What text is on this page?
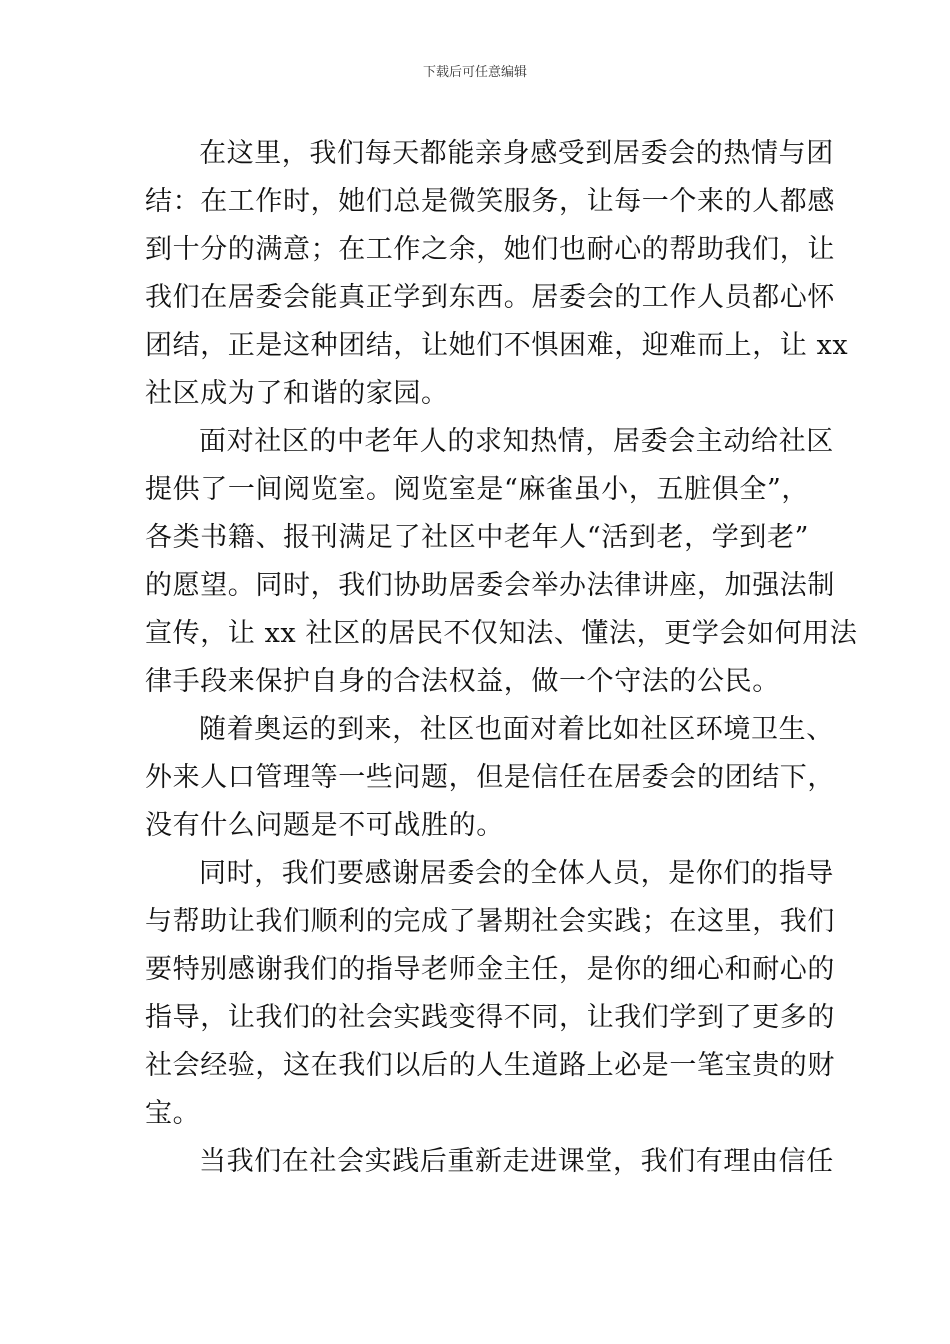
下载后可任意编辑
在这里，我们每天都能亲身感受到居委会的热情与团
结：在工作时，她们总是微笑服务，让每一个来的人都感
到十分的满意；在工作之余，她们也耐心的帮助我们，让
我们在居委会能真正学到东西。居委会的工作人员都心怀
团结，正是这种团结，让她们不惧困难，迎难而上，让 xx
社区成为了和谐的家园。
面对社区的中老年人的求知热情，居委会主动给社区
提供了一间阅览室。阅览室是“麻雀虽小，五脏俱全”，
各类书籍、报刊满足了社区中老年人“活到老，学到老”
的愿望。同时，我们协助居委会举办法律讲座，加强法制
宣传，让 xx 社区的居民不仅知法、懂法，更学会如何用法
律手段来保护自身的合法权益，做一个守法的公民。
随着奥运的到来，社区也面对着比如社区环境卫生、
外来人口管理等一些问题，但是信任在居委会的团结下，
没有什么问题是不可战胜的。
同时，我们要感谢居委会的全体人员，是你们的指导
与帮助让我们顺利的完成了暑期社会实践；在这里，我们
要特别感谢我们的指导老师金主任，是你的细心和耐心的
指导，让我们的社会实践变得不同，让我们学到了更多的
社会经验，这在我们以后的人生道路上必是一笔宝贵的财
宝。
当我们在社会实践后重新走进课堂，我们有理由信任
